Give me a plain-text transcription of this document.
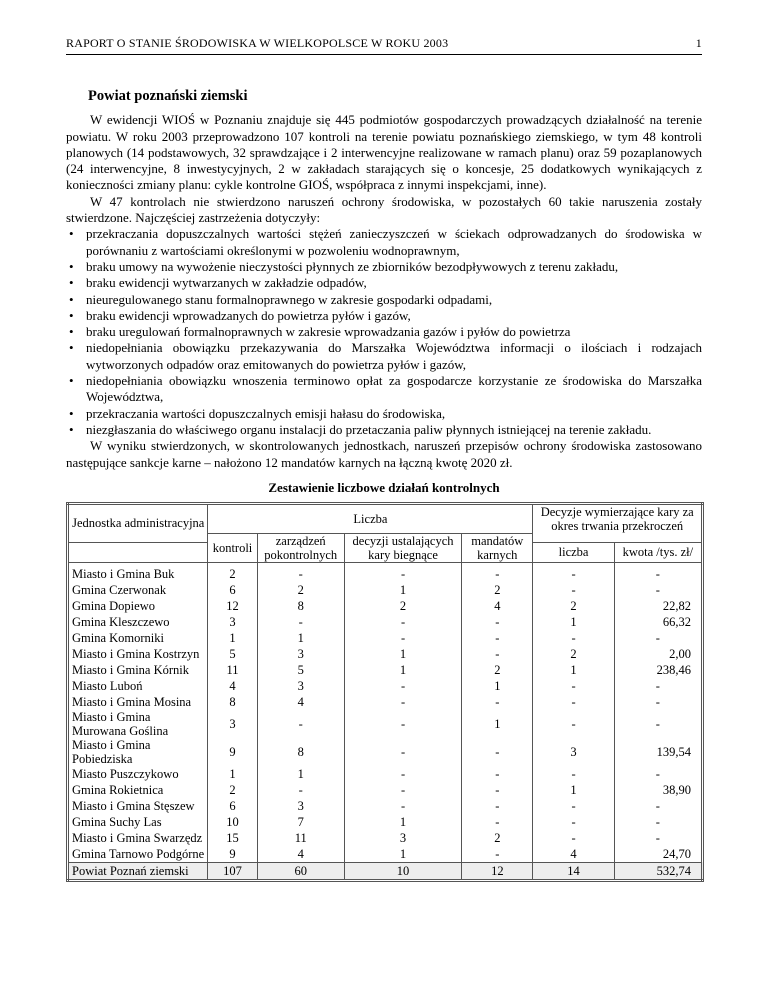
RAPORT O STANIE ŚRODOWISKA W WIELKOPOLSCE W ROKU 2003	1
Powiat poznański ziemski

W ewidencji WIOŚ w Poznaniu znajduje się 445 podmiotów gospodarczych prowadzących działalność na terenie powiatu. W roku 2003 przeprowadzono 107 kontroli na terenie powiatu poznańskiego ziemskiego, w tym 48 kontroli planowych (14 podstawowych, 32 sprawdzające i 2 interwencyjne realizowane w ramach planu) oraz 59 pozaplanowych (24 interwencyjne, 8 inwestycyjnych, 2 w zakładach starających się o koncesje, 25 dodatkowych wynikających z konieczności zmiany planu: cykle kontrolne GIOŚ, współpraca z innymi inspekcjami, inne).

W 47 kontrolach nie stwierdzono naruszeń ochrony środowiska, w pozostałych 60 takie naruszenia zostały stwierdzone. Najczęściej zastrzeżenia dotyczyły:

• przekraczania dopuszczalnych wartości stężeń zanieczyszczeń w ściekach odprowadzanych do środowiska w porównaniu z wartościami określonymi w pozwoleniu wodnoprawnym,
• braku umowy na wywożenie nieczystości płynnych ze zbiorników bezodpływowych z terenu zakładu,
• braku ewidencji wytwarzanych w zakładzie odpadów,
• nieuregulowanego stanu formalnoprawnego w zakresie gospodarki odpadami,
• braku ewidencji wprowadzanych do powietrza pyłów i gazów,
• braku uregulowań formalnoprawnych w zakresie wprowadzania gazów i pyłów do powietrza
• niedopełniania obowiązku przekazywania do Marszałka Województwa informacji o ilościach i rodzajach wytworzonych odpadów oraz emitowanych do powietrza pyłów i gazów,
• niedopełniania obowiązku wnoszenia terminowo opłat za gospodarcze korzystanie ze środowiska do Marszałka Województwa,
• przekraczania wartości dopuszczalnych emisji hałasu do środowiska,
• niezgłaszania do właściwego organu instalacji do przetaczania paliw płynnych istniejącej na terenie zakładu.

W wyniku stwierdzonych, w skontrolowanych jednostkach, naruszeń przepisów ochrony środowiska zastosowano następujące sankcje karne – nałożono 12 mandatów karnych na łączną kwotę 2020 zł.

Zestawienie liczbowe działań kontrolnych
Jednostka administracyjna	Liczba				Decyzje wymierzające kary za okres trwania przekroczeń	
	kontroli	zarządzeń pokontrolnych	decyzji ustalających kary biegnące	mandatów karnych		
					liczba	kwota /tys. zł/
Miasto i Gmina Buk	2	-	-	-	-	-
Gmina Czerwonak	6	2	1	2	-	-
Gmina Dopiewo	12	8	2	4	2	22,82
Gmina Kleszczewo	3	-	-	-	1	66,32
Gmina Komorniki	1	1	-	-	-	-
Miasto i Gmina Kostrzyn	5	3	1	-	2	2,00
Miasto i Gmina Kórnik	11	5	1	2	1	238,46
Miasto Luboń	4	3	-	1	-	-
Miasto i Gmina Mosina	8	4	-	-	-	-
Miasto i Gmina Murowana Goślina	3	-	-	1	-	-
Miasto i Gmina Pobiedziska	9	8	-	-	3	139,54
Miasto Puszczykowo	1	1	-	-	-	-
Gmina Rokietnica	2	-	-	-	1	38,90
Miasto i Gmina Stęszew	6	3	-	-	-	-
Gmina Suchy Las	10	7	1	-	-	-
Miasto i Gmina Swarzędz	15	11	3	2	-	-
Gmina Tarnowo Podgórne	9	4	1	-	4	24,70
Powiat Poznań ziemski	107	60	10	12	14	532,74
